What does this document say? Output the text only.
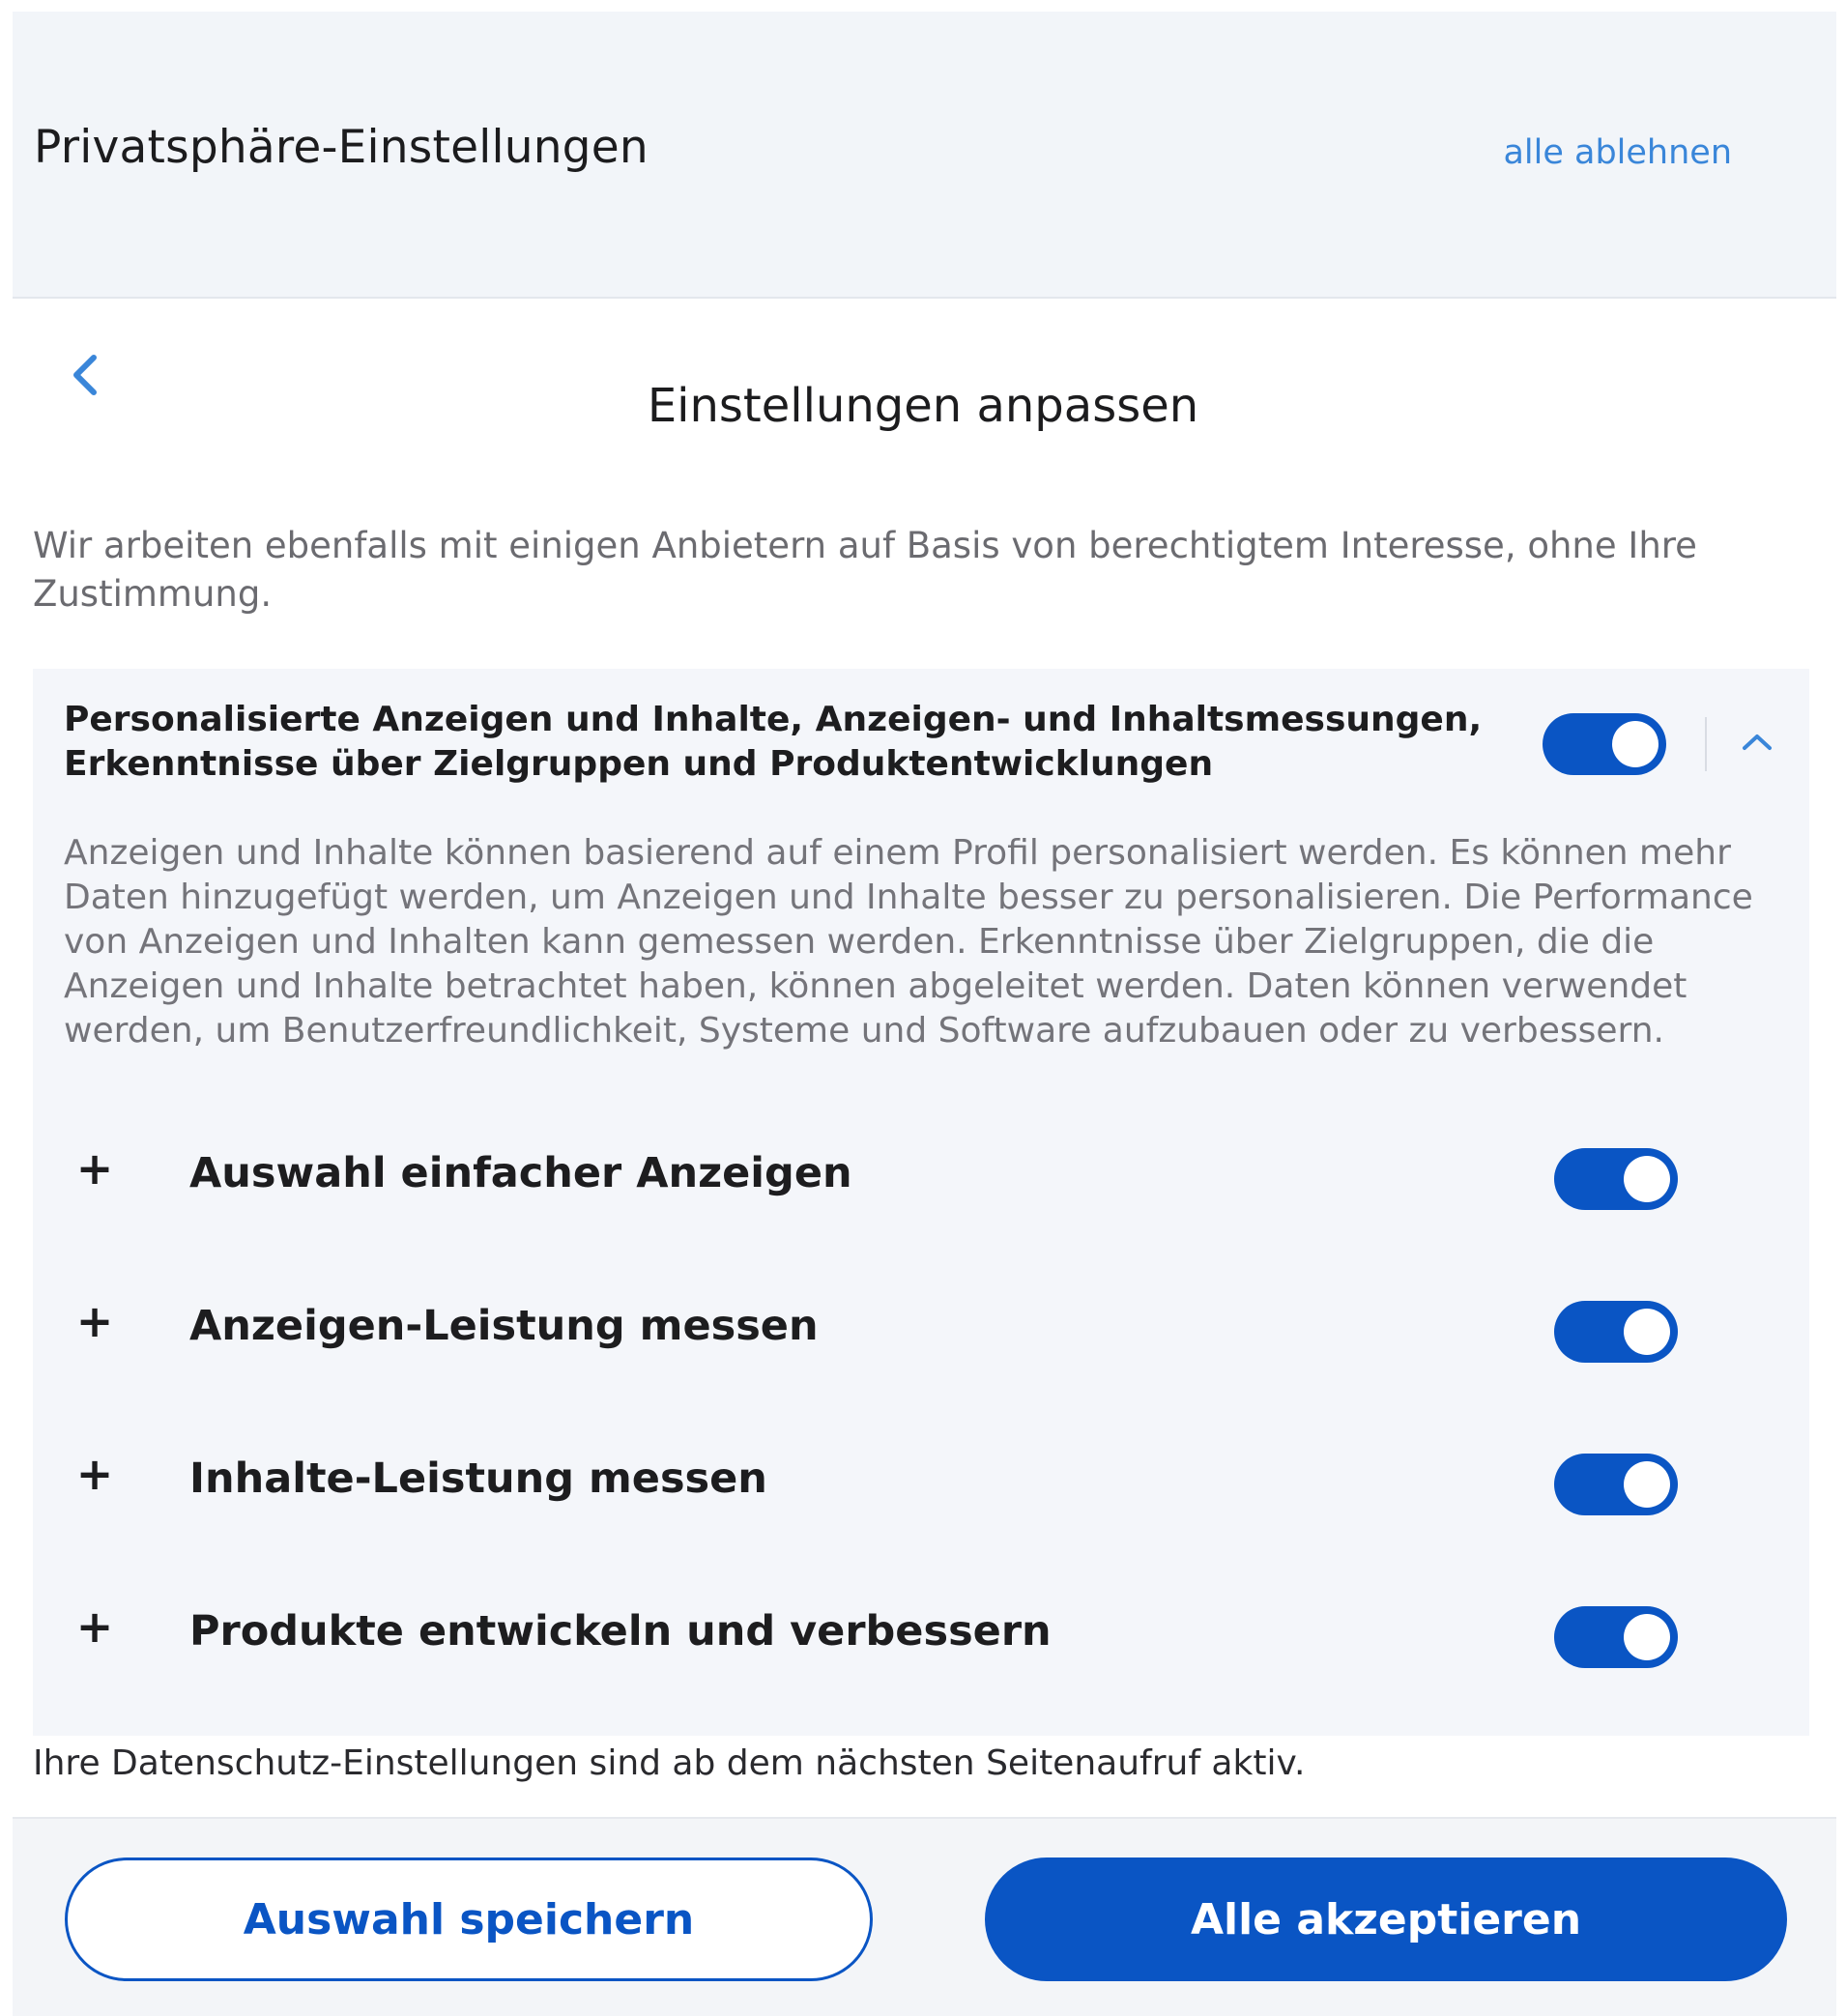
Privatsphäre-Einstellungen	alle ablehnen
Einstellungen anpassen
Wir arbeiten ebenfalls mit einigen Anbietern auf Basis von berechtigtem Interesse, ohne Ihre Zustimmung.
Personalisierte Anzeigen und Inhalte, Anzeigen- und Inhaltsmessungen, Erkenntnisse über Zielgruppen und Produktentwicklungen
Anzeigen und Inhalte können basierend auf einem Profil personalisiert werden. Es können mehr Daten hinzugefügt werden, um Anzeigen und Inhalte besser zu personalisieren. Die Performance von Anzeigen und Inhalten kann gemessen werden. Erkenntnisse über Zielgruppen, die die Anzeigen und Inhalte betrachtet haben, können abgeleitet werden. Daten können verwendet werden, um Benutzerfreundlichkeit, Systeme und Software aufzubauen oder zu verbessern.
+ Auswahl einfacher Anzeigen
+ Anzeigen-Leistung messen
+ Inhalte-Leistung messen
+ Produkte entwickeln und verbessern
Ihre Datenschutz-Einstellungen sind ab dem nächsten Seitenaufruf aktiv.
Auswahl speichern	Alle akzeptieren
